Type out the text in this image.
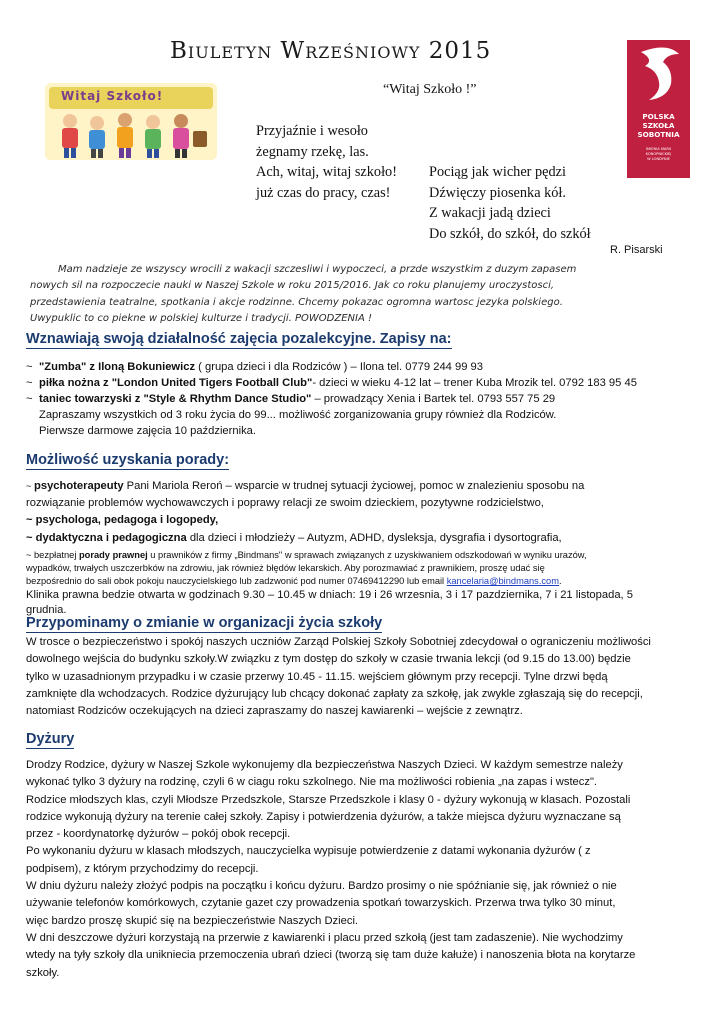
Biuletyn Wrześniowy 2015
Witaj Szkoło!	“Witaj Szkoło !”
Przyjaźnie i wesoło
żegnamy rzekę, las.
Ach, witaj, witaj szkoło!
już czas do pracy, czas!
Pociąg jak wicher pędzi
Dźwięczy piosenka kół.
Z wakacji jadą dzieci
Do szkół, do szkół, do szkół
R. Pisarski
POLSKA
SZKOŁA
SOBOTNIA
IMIENIA MARII
KONOPNICKIEJ
W LONDYNIE
Mam nadzieje ze wszyscy wrocili z wakacji szczesliwi i wypoczeci, a przde wszystkim z duzym zapasem
nowych sil na rozpoczecie nauki w Naszej Szkole w roku 2015/2016. Jak co roku planujemy uroczystosci,
przedstawienia teatralne, spotkania i akcje rodzinne. Chcemy pokazac ogromna wartosc jezyka polskiego.
Uwypuklic to co piekne w polskiej kulturze i tradycji. POWODZENIA !
Wznawiają swoją działalność zajęcia pozalekcyjne. Zapisy na:
~ "Zumba" z Iloną Bokuniewicz ( grupa dzieci i dla Rodziców ) – Ilona tel. 0779 244 99 93
~ piłka nożna z "London United Tigers Football Club"- dzieci w wieku 4-12 lat – trener Kuba Mrozik tel. 0792 183 95 45
~ taniec towarzyski z "Style & Rhythm Dance Studio" – prowadzący Xenia i Bartek tel. 0793 557 75 29
Zapraszamy wszystkich od 3 roku życia do 99... możliwość zorganizowania grupy również dla Rodziców.
Pierwsze darmowe zajęcia 10 października.
Możliwość uzyskania porady:
~ psychoterapeuty Pani Mariola Reroń – wsparcie w trudnej sytuacji życiowej, pomoc w znalezieniu sposobu na
rozwiązanie problemów wychowawczych i poprawy relacji ze swoim dzieckiem, pozytywne rodzicielstwo,
~ psychologa, pedagoga i logopedy,
~ dydaktyczna i pedagogiczna dla dzieci i młodzieży – Autyzm, ADHD, dysleksja, dysgrafia i dysortografia,
~ bezpłatnej porady prawnej u prawników z firmy „Bindmans" w sprawach związanych z uzyskiwaniem odszkodowań w wyniku urazów,
wypadków, trwałych uszczerbków na zdrowiu, jak również błędów lekarskich. Aby porozmawiać z prawnikiem, proszę udać się
bezpośrednio do sali obok pokoju nauczycielskiego lub zadzwonić pod numer 07469412290 lub email kancelaria@bindmans.com.
Klinika prawna bedzie otwarta w godzinach 9.30 – 10.45 w dniach: 19 i 26 wrzesnia, 3 i 17 pazdziernika, 7 i 21 listopada, 5
grudnia.
Przypominamy o zmianie w organizacji życia szkoły
W trosce o bezpieczeństwo i spokój naszych uczniów Zarząd Polskiej Szkoły Sobotniej zdecydował o ograniczeniu możliwości
dowolnego wejścia do budynku szkoły.W związku z tym dostęp do szkoły w czasie trwania lekcji (od 9.15 do 13.00) będzie
tylko w uzasadnionym przypadku i w czasie przerwy 10.45 - 11.15. wejściem głównym przy recepcji. Tylne drzwi będą
zamknięte dla wchodzacych. Rodzice dyżurujący lub chcący dokonać zapłaty za szkołę, jak zwykle zgłaszają się do recepcji,
natomiast Rodziców oczekujących na dzieci zapraszamy do naszej kawiarenki – wejście z zewnątrz.
Dyżury
Drodzy Rodzice, dyżury w Naszej Szkole wykonujemy dla bezpieczeństwa Naszych Dzieci. W każdym semestrze należy
wykonać tylko 3 dyżury na rodzinę, czyli 6 w ciagu roku szkolnego. Nie ma możliwości robienia „na zapas i wstecz".
Rodzice młodszych klas, czyli Młodsze Przedszkole, Starsze Przedszkole i klasy 0 - dyżury wykonują w klasach. Pozostali
rodzice wykonują dyżury na terenie całej szkoły. Zapisy i potwierdzenia dyżurów, a także miejsca dyżuru wyznaczane są
przez - koordynatorkę dyżurów – pokój obok recepcji.
Po wykonaniu dyżuru w klasach młodszych, nauczycielka wypisuje potwierdzenie z datami wykonania dyżurów ( z
podpisem), z którym przychodzimy do recepcji.
W dniu dyżuru należy złożyć podpis na początku i końcu dyżuru. Bardzo prosimy o nie spóźnianie się, jak również o nie
używanie telefonów komórkowych, czytanie gazet czy prowadzenia spotkań towarzyskich. Przerwa trwa tylko 30 minut,
więc bardzo proszę skupić się na bezpieczeństwie Naszych Dzieci.
W dni deszczowe dyżuri korzystają na przerwie z kawiarenki i placu przed szkołą (jest tam zadaszenie). Nie wychodzimy
wtedy na tyły szkoły dla unikniecia przemoczenia ubrań dzieci (tworzą się tam duże kałuże) i nanoszenia błota na korytarze
szkoły.
